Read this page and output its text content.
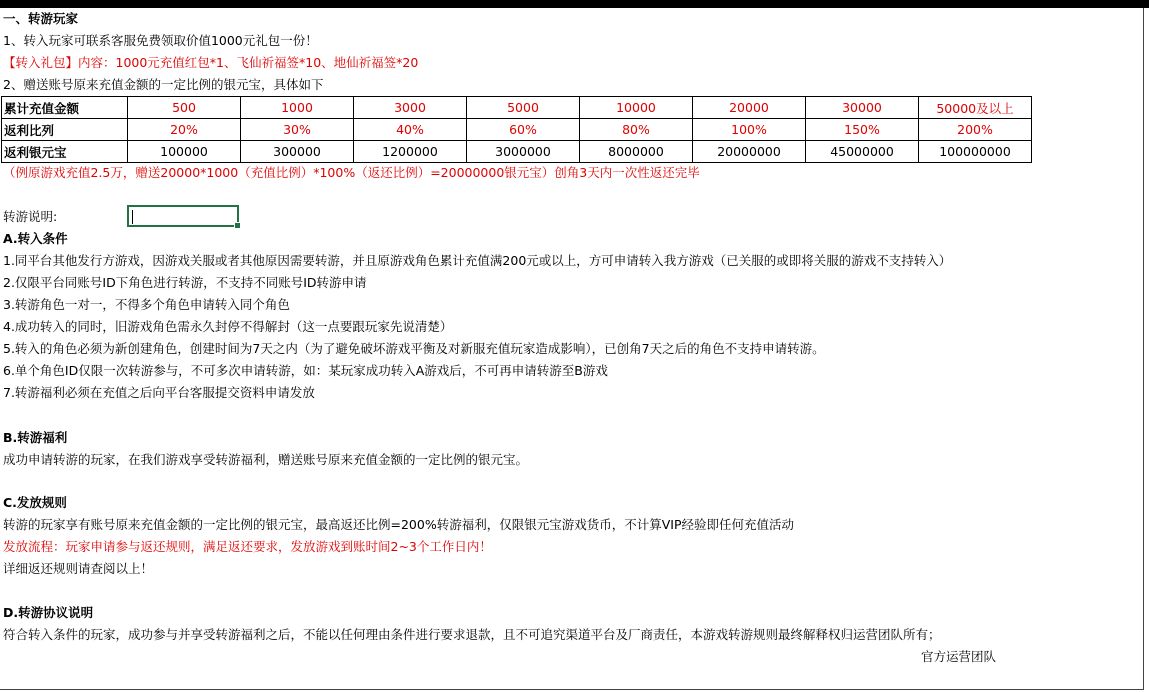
一、转游玩家
1、转入玩家可联系客服免费领取价值1000元礼包一份！
【转入礼包】内容：1000元充值红包*1、飞仙祈福签*10、地仙祈福签*20
2、赠送账号原来充值金额的一定比例的银元宝，具体如下
累计充值金额	500	1000	3000	5000	10000	20000	30000	50000及以上
返利比列	20%	30%	40%	60%	80%	100%	150%	200%
返利银元宝	100000	300000	1200000	3000000	8000000	20000000	45000000	100000000
（例原游戏充值2.5万，赠送20000*1000（充值比例）*100%（返还比例）=20000000银元宝）创角3天内一次性返还完毕
转游说明:
A.转入条件
1.同平台其他发行方游戏，因游戏关服或者其他原因需要转游，并且原游戏角色累计充值满200元或以上，方可申请转入我方游戏（已关服的或即将关服的游戏不支持转入）
2.仅限平台同账号ID下角色进行转游，不支持不同账号ID转游申请
3.转游角色一对一，不得多个角色申请转入同个角色
4.成功转入的同时，旧游戏角色需永久封停不得解封（这一点要跟玩家先说清楚）
5.转入的角色必须为新创建角色，创建时间为7天之内（为了避免破坏游戏平衡及对新服充值玩家造成影响），已创角7天之后的角色不支持申请转游。
6.单个角色ID仅限一次转游参与，不可多次申请转游，如：某玩家成功转入A游戏后，不可再申请转游至B游戏
7.转游福利必须在充值之后向平台客服提交资料申请发放
B.转游福利
成功申请转游的玩家，在我们游戏享受转游福利，赠送账号原来充值金额的一定比例的银元宝。
C.发放规则
转游的玩家享有账号原来充值金额的一定比例的银元宝，最高返还比例=200%转游福利，仅限银元宝游戏货币，不计算VIP经验即任何充值活动
发放流程：玩家申请参与返还规则，满足返还要求，发放游戏到账时间2~3个工作日内！
详细返还规则请查阅以上！
D.转游协议说明
符合转入条件的玩家，成功参与并享受转游福利之后，不能以任何理由条件进行要求退款，且不可追究渠道平台及厂商责任，本游戏转游规则最终解释权归运营团队所有；
官方运营团队
